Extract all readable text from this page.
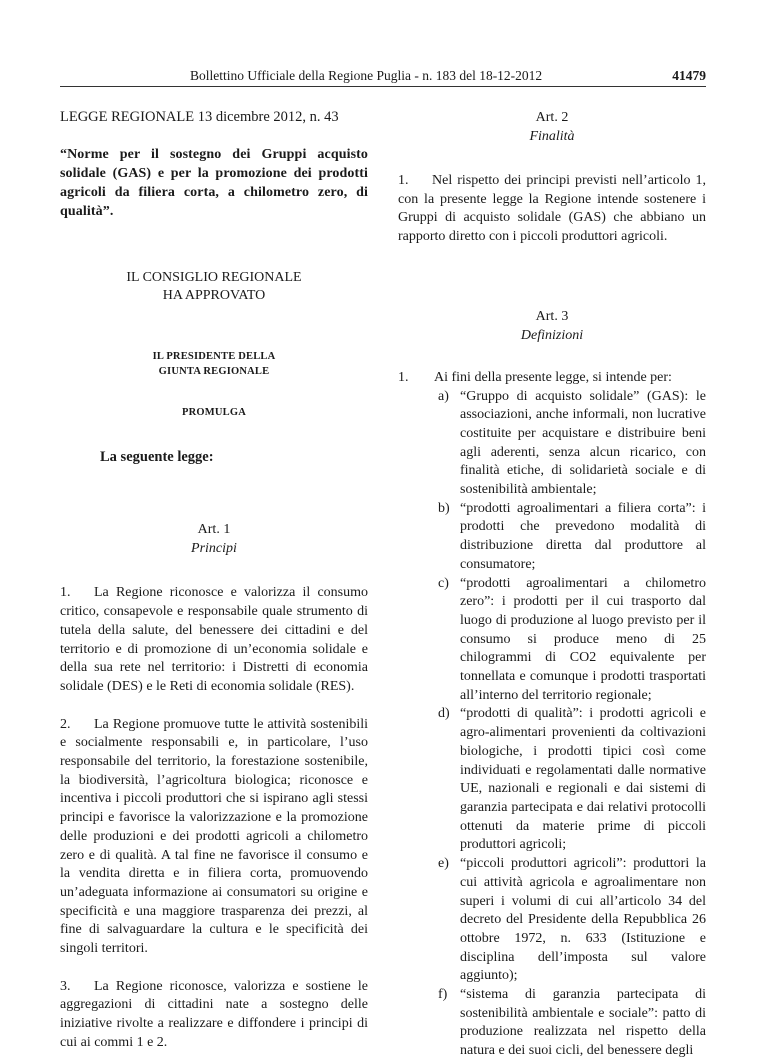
Bollettino Ufficiale della Regione Puglia - n. 183 del 18-12-2012	41479

LEGGE REGIONALE 13 dicembre 2012, n. 43

“Norme per il sostegno dei Gruppi acquisto solidale (GAS) e per la promozione dei prodotti agricoli da filiera corta, a chilometro zero, di qualità”.

IL CONSIGLIO REGIONALE
HA APPROVATO
IL PRESIDENTE DELLA
GIUNTA REGIONALE
PROMULGA

La seguente legge:

Art. 1
Principi

1. La Regione riconosce e valorizza il consumo critico, consapevole e responsabile quale strumento di tutela della salute, del benessere dei cittadini e del territorio e di promozione di un’economia solidale e della sua rete nel territorio: i Distretti di economia solidale (DES) e le Reti di economia solidale (RES).

2. La Regione promuove tutte le attività sostenibili e socialmente responsabili e, in particolare, l’uso responsabile del territorio, la forestazione sostenibile, la biodiversità, l’agricoltura biologica; riconosce e incentiva i piccoli produttori che si ispirano agli stessi principi e favorisce la valorizzazione e la promozione delle produzioni e dei prodotti agricoli a chilometro zero e di qualità. A tal fine ne favorisce il consumo e la vendita diretta e in filiera corta, promuovendo un’adeguata informazione ai consumatori su origine e specificità e una maggiore trasparenza dei prezzi, al fine di salvaguardare la cultura e le specificità dei singoli territori.

3. La Regione riconosce, valorizza e sostiene le aggregazioni di cittadini nate a sostegno delle iniziative rivolte a realizzare e diffondere i principi di cui ai commi 1 e 2.

Art. 2
Finalità

1. Nel rispetto dei principi previsti nell’articolo 1, con la presente legge la Regione intende sostenere i Gruppi di acquisto solidale (GAS) che abbiano un rapporto diretto con i piccoli produttori agricoli.

Art. 3
Definizioni
1. Ai fini della presente legge, si intende per:
a) “Gruppo di acquisto solidale” (GAS): le associazioni, anche informali, non lucrative costituite per acquistare e distribuire beni agli aderenti, senza alcun ricarico, con finalità etiche, di solidarietà sociale e di sostenibilità ambientale;
b) “prodotti agroalimentari a filiera corta”: i prodotti che prevedono modalità di distribuzione diretta dal produttore al consumatore;
c) “prodotti agroalimentari a chilometro zero”: i prodotti per il cui trasporto dal luogo di produzione al luogo previsto per il consumo si produce meno di 25 chilogrammi di CO2 equivalente per tonnellata e comunque i prodotti trasportati all’interno del territorio regionale;
d) “prodotti di qualità”: i prodotti agricoli e agro-alimentari provenienti da coltivazioni biologiche, i prodotti tipici così come individuati e regolamentati dalle normative UE, nazionali e regionali e dai sistemi di garanzia partecipata e dai relativi protocolli ottenuti da materie prime di piccoli produttori agricoli;
e) “piccoli produttori agricoli”: produttori la cui attività agricola e agroalimentare non superi i volumi di cui all’articolo 34 del decreto del Presidente della Repubblica 26 ottobre 1972, n. 633 (Istituzione e disciplina dell’imposta sul valore aggiunto);
f) “sistema di garanzia partecipata di sostenibilità ambientale e sociale”: patto di produzione realizzata nel rispetto della natura e dei suoi cicli, del benessere degli
